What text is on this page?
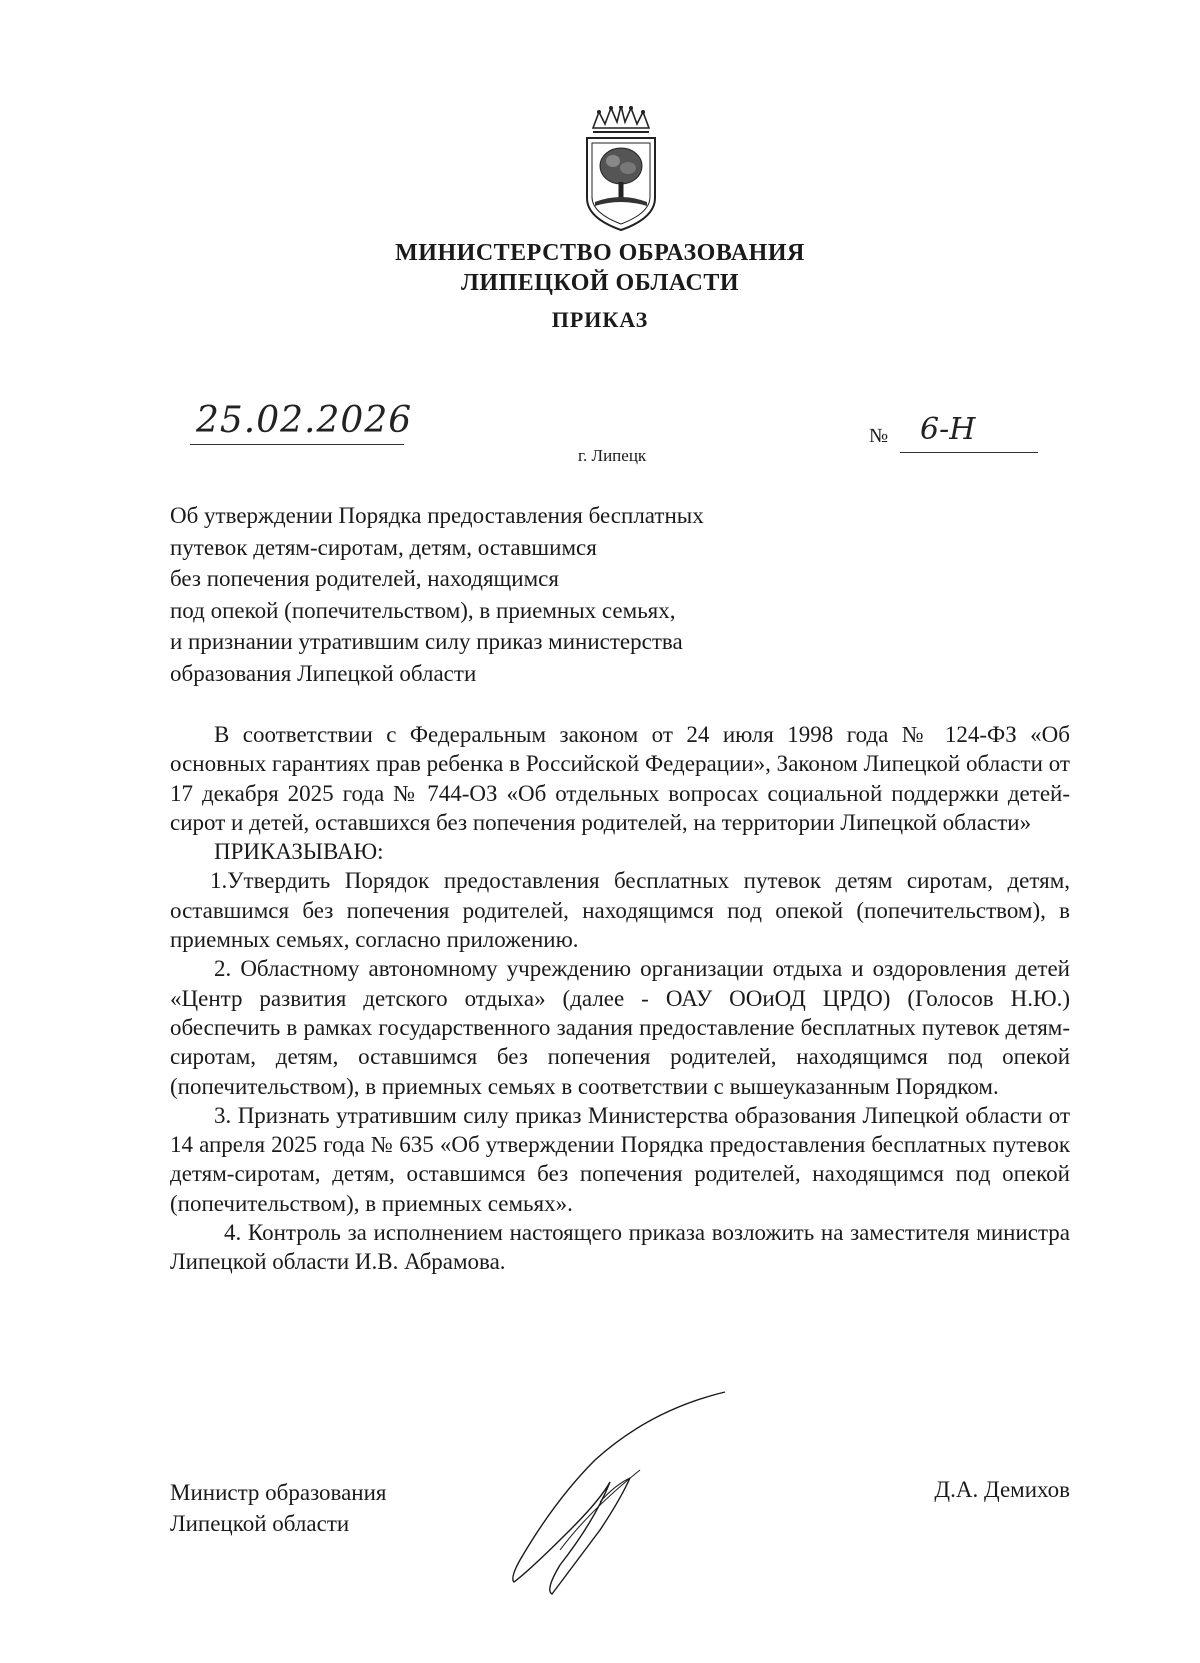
МИНИСТЕРСТВО ОБРАЗОВАНИЯ
ЛИПЕЦКОЙ ОБЛАСТИ
ПРИКАЗ
25.02.2026
г. Липецк
№ 6-Н
Об утверждении Порядка предоставления бесплатных
путевок детям-сиротам, детям, оставшимся
без попечения родителей, находящимся
под опекой (попечительством), в приемных семьях,
и признании утратившим силу приказ министерства
образования Липецкой области

В соответствии с Федеральным законом от 24 июля 1998 года № 124-ФЗ «Об основных гарантиях прав ребенка в Российской Федерации», Законом Липецкой области от 17 декабря 2025 года № 744-ОЗ «Об отдельных вопросах социальной поддержки детей-сирот и детей, оставшихся без попечения родителей, на территории Липецкой области»

ПРИКАЗЫВАЮ:

1.Утвердить Порядок предоставления бесплатных путевок детям сиротам, детям, оставшимся без попечения родителей, находящимся под опекой (попечительством), в приемных семьях, согласно приложению.

2. Областному автономному учреждению организации отдыха и оздоровления детей «Центр развития детского отдыха» (далее - ОАУ ООиОД ЦРДО) (Голосов Н.Ю.) обеспечить в рамках государственного задания предоставление бесплатных путевок детям-сиротам, детям, оставшимся без попечения родителей, находящимся под опекой (попечительством), в приемных семьях в соответствии с вышеуказанным Порядком.

3. Признать утратившим силу приказ Министерства образования Липецкой области от 14 апреля 2025 года № 635 «Об утверждении Порядка предоставления бесплатных путевок детям-сиротам, детям, оставшимся без попечения родителей, находящимся под опекой (попечительством), в приемных семьях».

4. Контроль за исполнением настоящего приказа возложить на заместителя министра Липецкой области И.В. Абрамова.

Министр образования
Липецкой области
Д.А. Демихов
